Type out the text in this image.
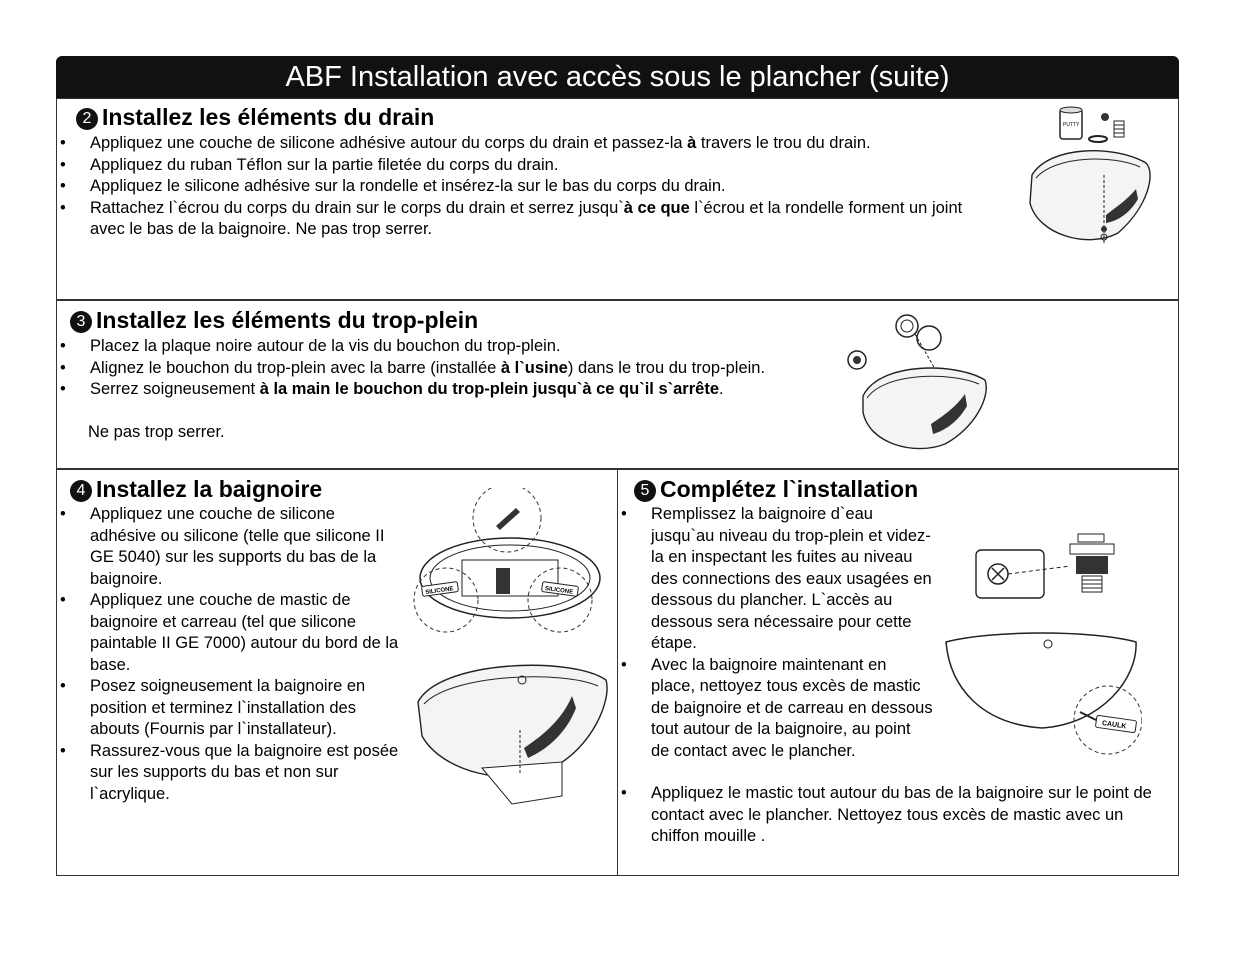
ABF Installation avec accès sous le plancher (suite)
2 Installez les éléments du drain
• Appliquez une couche de silicone adhésive autour du corps du drain et passez-la à travers le trou du drain.
• Appliquez du ruban Téflon sur la partie filetée du corps du drain.
• Appliquez le silicone adhésive sur la rondelle et insérez-la sur le bas du corps du drain.
• Rattachez l`écrou du corps du drain sur le corps du drain et serrez jusqu`à ce que l`écrou et la rondelle forment un joint avec le bas de la baignoire. Ne pas trop serrer.
PUTTY
3 Installez les éléments du trop-plein
• Placez la plaque noire autour de la vis du bouchon du trop-plein.
• Alignez le bouchon du trop-plein avec la barre (installée à l`usine) dans le trou du trop-plein.
• Serrez soigneusement à la main le bouchon du trop-plein jusqu`à ce qu`il s`arrête.
Ne pas trop serrer.
4 Installez la baignoire
• Appliquez une couche de silicone adhésive ou silicone (telle que silicone II GE 5040) sur les supports du bas de la baignoire.
• Appliquez une couche de mastic de baignoire et carreau (tel que silicone paintable II GE 7000) autour du bord de la base.
• Posez soigneusement la baignoire en position et terminez l`installation des abouts (Fournis par l`installateur).
• Rassurez-vous que la baignoire est posée sur les supports du bas et non sur l`acrylique.
SILICONE	SILICONE
5 Complétez l`installation
• Remplissez la baignoire d`eau jusqu`au niveau du trop-plein et videz-la en inspectant les fuites au niveau des connections des eaux usagées en dessous du plancher. L`accès au dessous sera nécessaire pour cette étape.
• Avec la baignoire maintenant en place, nettoyez tous excès de mastic de baignoire et de carreau en dessous tout autour de la baignoire, au point de contact avec le plancher.
• Appliquez le mastic tout autour du bas de la baignoire sur le point de contact avec le plancher. Nettoyez tous excès de mastic avec un chiffon mouille .
CAULK
